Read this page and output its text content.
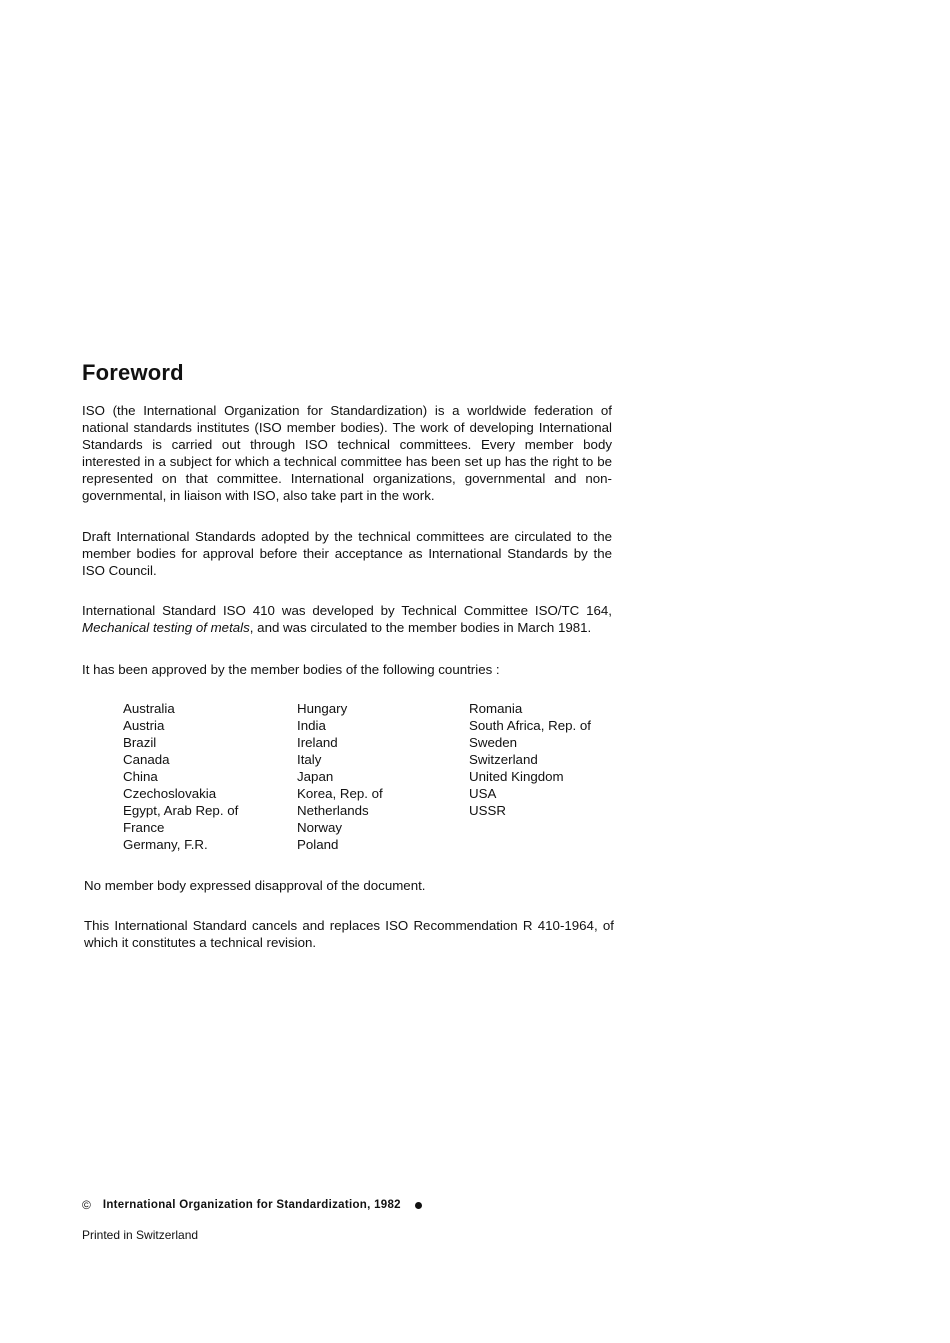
Foreword

ISO (the International Organization for Standardization) is a worldwide federation of national standards institutes (ISO member bodies). The work of developing International Standards is carried out through ISO technical committees. Every member body interested in a subject for which a technical committee has been set up has the right to be represented on that committee. International organizations, governmental and non-governmental, in liaison with ISO, also take part in the work.

Draft International Standards adopted by the technical committees are circulated to the member bodies for approval before their acceptance as International Standards by the ISO Council.

International Standard ISO 410 was developed by Technical Committee ISO/TC 164, Mechanical testing of metals, and was circulated to the member bodies in March 1981.

It has been approved by the member bodies of the following countries :

Australia
Austria
Brazil
Canada
China
Czechoslovakia
Egypt, Arab Rep. of
France
Germany, F.R.
Hungary
India
Ireland
Italy
Japan
Korea, Rep. of
Netherlands
Norway
Poland
Romania
South Africa, Rep. of
Sweden
Switzerland
United Kingdom
USA
USSR

No member body expressed disapproval of the document.

This International Standard cancels and replaces ISO Recommendation R 410-1964, of which it constitutes a technical revision.

© International Organization for Standardization, 1982
Printed in Switzerland
